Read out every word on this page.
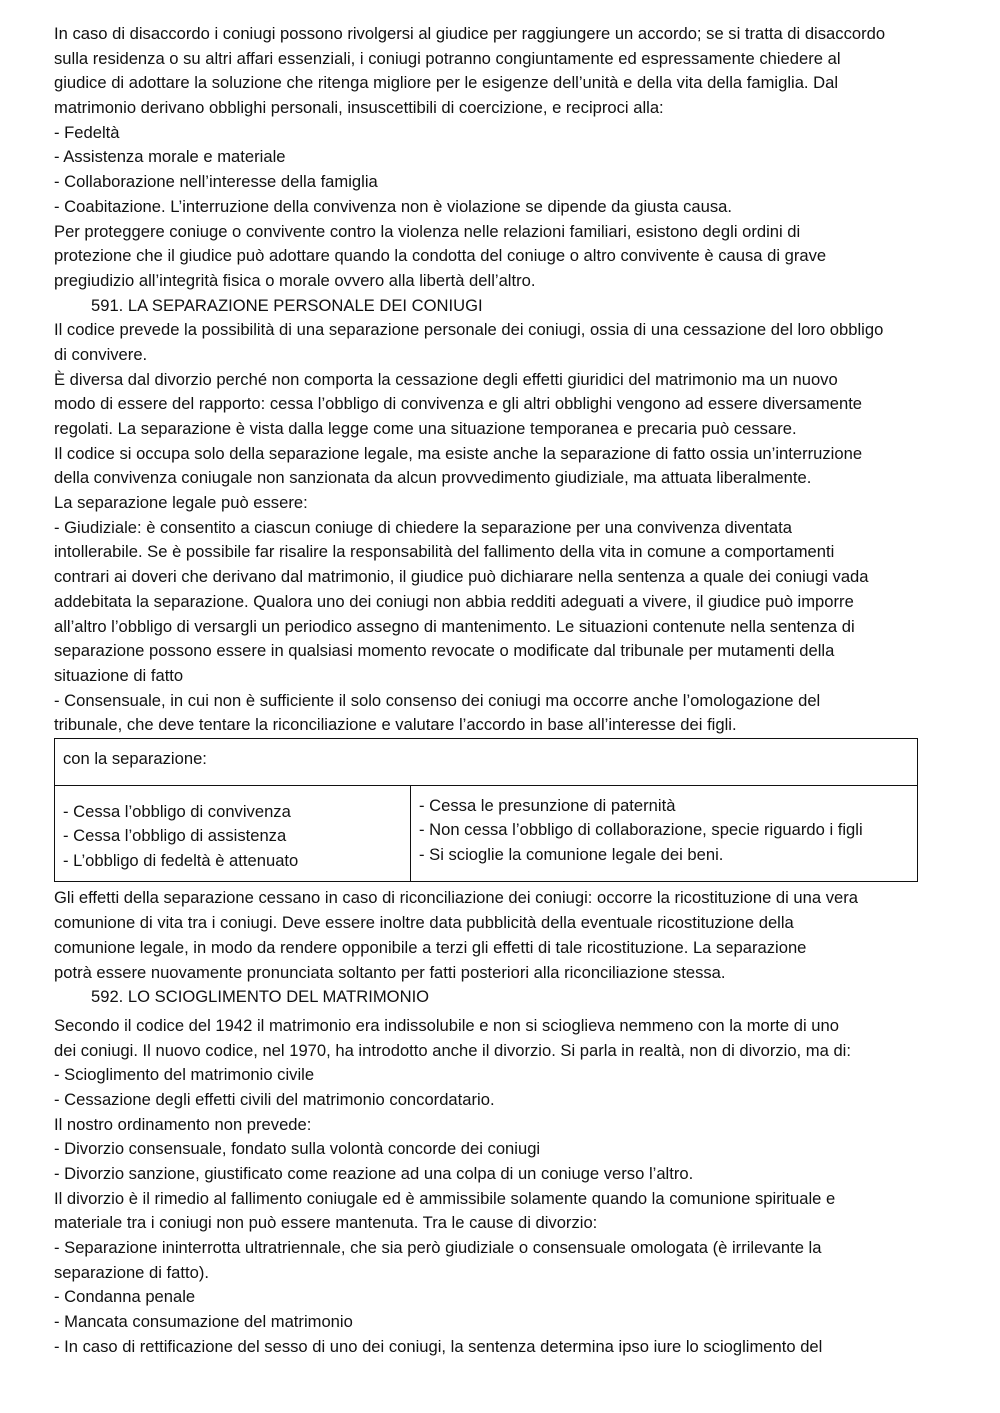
In caso di disaccordo i coniugi possono rivolgersi al giudice per raggiungere un accordo; se si tratta di disaccordo
sulla residenza o su altri affari essenziali, i coniugi potranno congiuntamente ed espressamente chiedere al
giudice di adottare la soluzione che ritenga migliore per le esigenze dell’unità e della vita della famiglia. Dal
matrimonio derivano obblighi personali, insuscettibili di coercizione, e reciproci alla:
- Fedeltà
- Assistenza morale e materiale
- Collaborazione nell’interesse della famiglia
- Coabitazione. L’interruzione della convivenza non è violazione se dipende da giusta causa.
Per proteggere coniuge o convivente contro la violenza nelle relazioni familiari, esistono degli ordini di
protezione che il giudice può adottare quando la condotta del coniuge o altro convivente è causa di grave
pregiudizio all’integrità fisica o morale ovvero alla libertà dell’altro.
591. LA SEPARAZIONE PERSONALE DEI CONIUGI
Il codice prevede la possibilità di una separazione personale dei coniugi, ossia di una cessazione del loro obbligo
di convivere.
È diversa dal divorzio perché non comporta la cessazione degli effetti giuridici del matrimonio ma un nuovo
modo di essere del rapporto: cessa l’obbligo di convivenza e gli altri obblighi vengono ad essere diversamente
regolati. La separazione è vista dalla legge come una situazione temporanea e precaria può cessare.
Il codice si occupa solo della separazione legale, ma esiste anche la separazione di fatto ossia un’interruzione
della convivenza coniugale non sanzionata da alcun provvedimento giudiziale, ma attuata liberalmente.
La separazione legale può essere:
- Giudiziale: è consentito a ciascun coniuge di chiedere la separazione per una convivenza diventata
intollerabile. Se è possibile far risalire la responsabilità del fallimento della vita in comune a comportamenti
contrari ai doveri che derivano dal matrimonio, il giudice può dichiarare nella sentenza a quale dei coniugi vada
addebitata la separazione. Qualora uno dei coniugi non abbia redditi adeguati a vivere, il giudice può imporre
all’altro l’obbligo di versargli un periodico assegno di mantenimento. Le situazioni contenute nella sentenza di
separazione possono essere in qualsiasi momento revocate o modificate dal tribunale per mutamenti della
situazione di fatto
- Consensuale, in cui non è sufficiente il solo consenso dei coniugi ma occorre anche l’omologazione del
tribunale, che deve tentare la riconciliazione e valutare l’accordo in base all’interesse dei figli.
con la separazione:

- Cessa l’obbligo di convivenza
- Cessa l’obbligo di assistenza
- L’obbligo di fedeltà è attenuato

- Cessa le presunzione di paternità
- Non cessa l’obbligo di collaborazione, specie riguardo i figli
- Si scioglie la comunione legale dei beni.
Gli effetti della separazione cessano in caso di riconciliazione dei coniugi: occorre la ricostituzione di una vera
comunione di vita tra i coniugi. Deve essere inoltre data pubblicità della eventuale ricostituzione della
comunione legale, in modo da rendere opponibile a terzi gli effetti di tale ricostituzione. La separazione
potrà essere nuovamente pronunciata soltanto per fatti posteriori alla riconciliazione stessa.
592. LO SCIOGLIMENTO DEL MATRIMONIO
Secondo il codice del 1942 il matrimonio era indissolubile e non si scioglieva nemmeno con la morte di uno
dei coniugi. Il nuovo codice, nel 1970, ha introdotto anche il divorzio. Si parla in realtà, non di divorzio, ma di:
- Scioglimento del matrimonio civile
- Cessazione degli effetti civili del matrimonio concordatario.
Il nostro ordinamento non prevede:
- Divorzio consensuale, fondato sulla volontà concorde dei coniugi
- Divorzio sanzione, giustificato come reazione ad una colpa di un coniuge verso l’altro.
Il divorzio è il rimedio al fallimento coniugale ed è ammissibile solamente quando la comunione spirituale e
materiale tra i coniugi non può essere mantenuta. Tra le cause di divorzio:
- Separazione ininterrotta ultratriennale, che sia però giudiziale o consensuale omologata (è irrilevante la
separazione di fatto).
- Condanna penale
- Mancata consumazione del matrimonio
- In caso di rettificazione del sesso di uno dei coniugi, la sentenza determina ipso iure lo scioglimento del
